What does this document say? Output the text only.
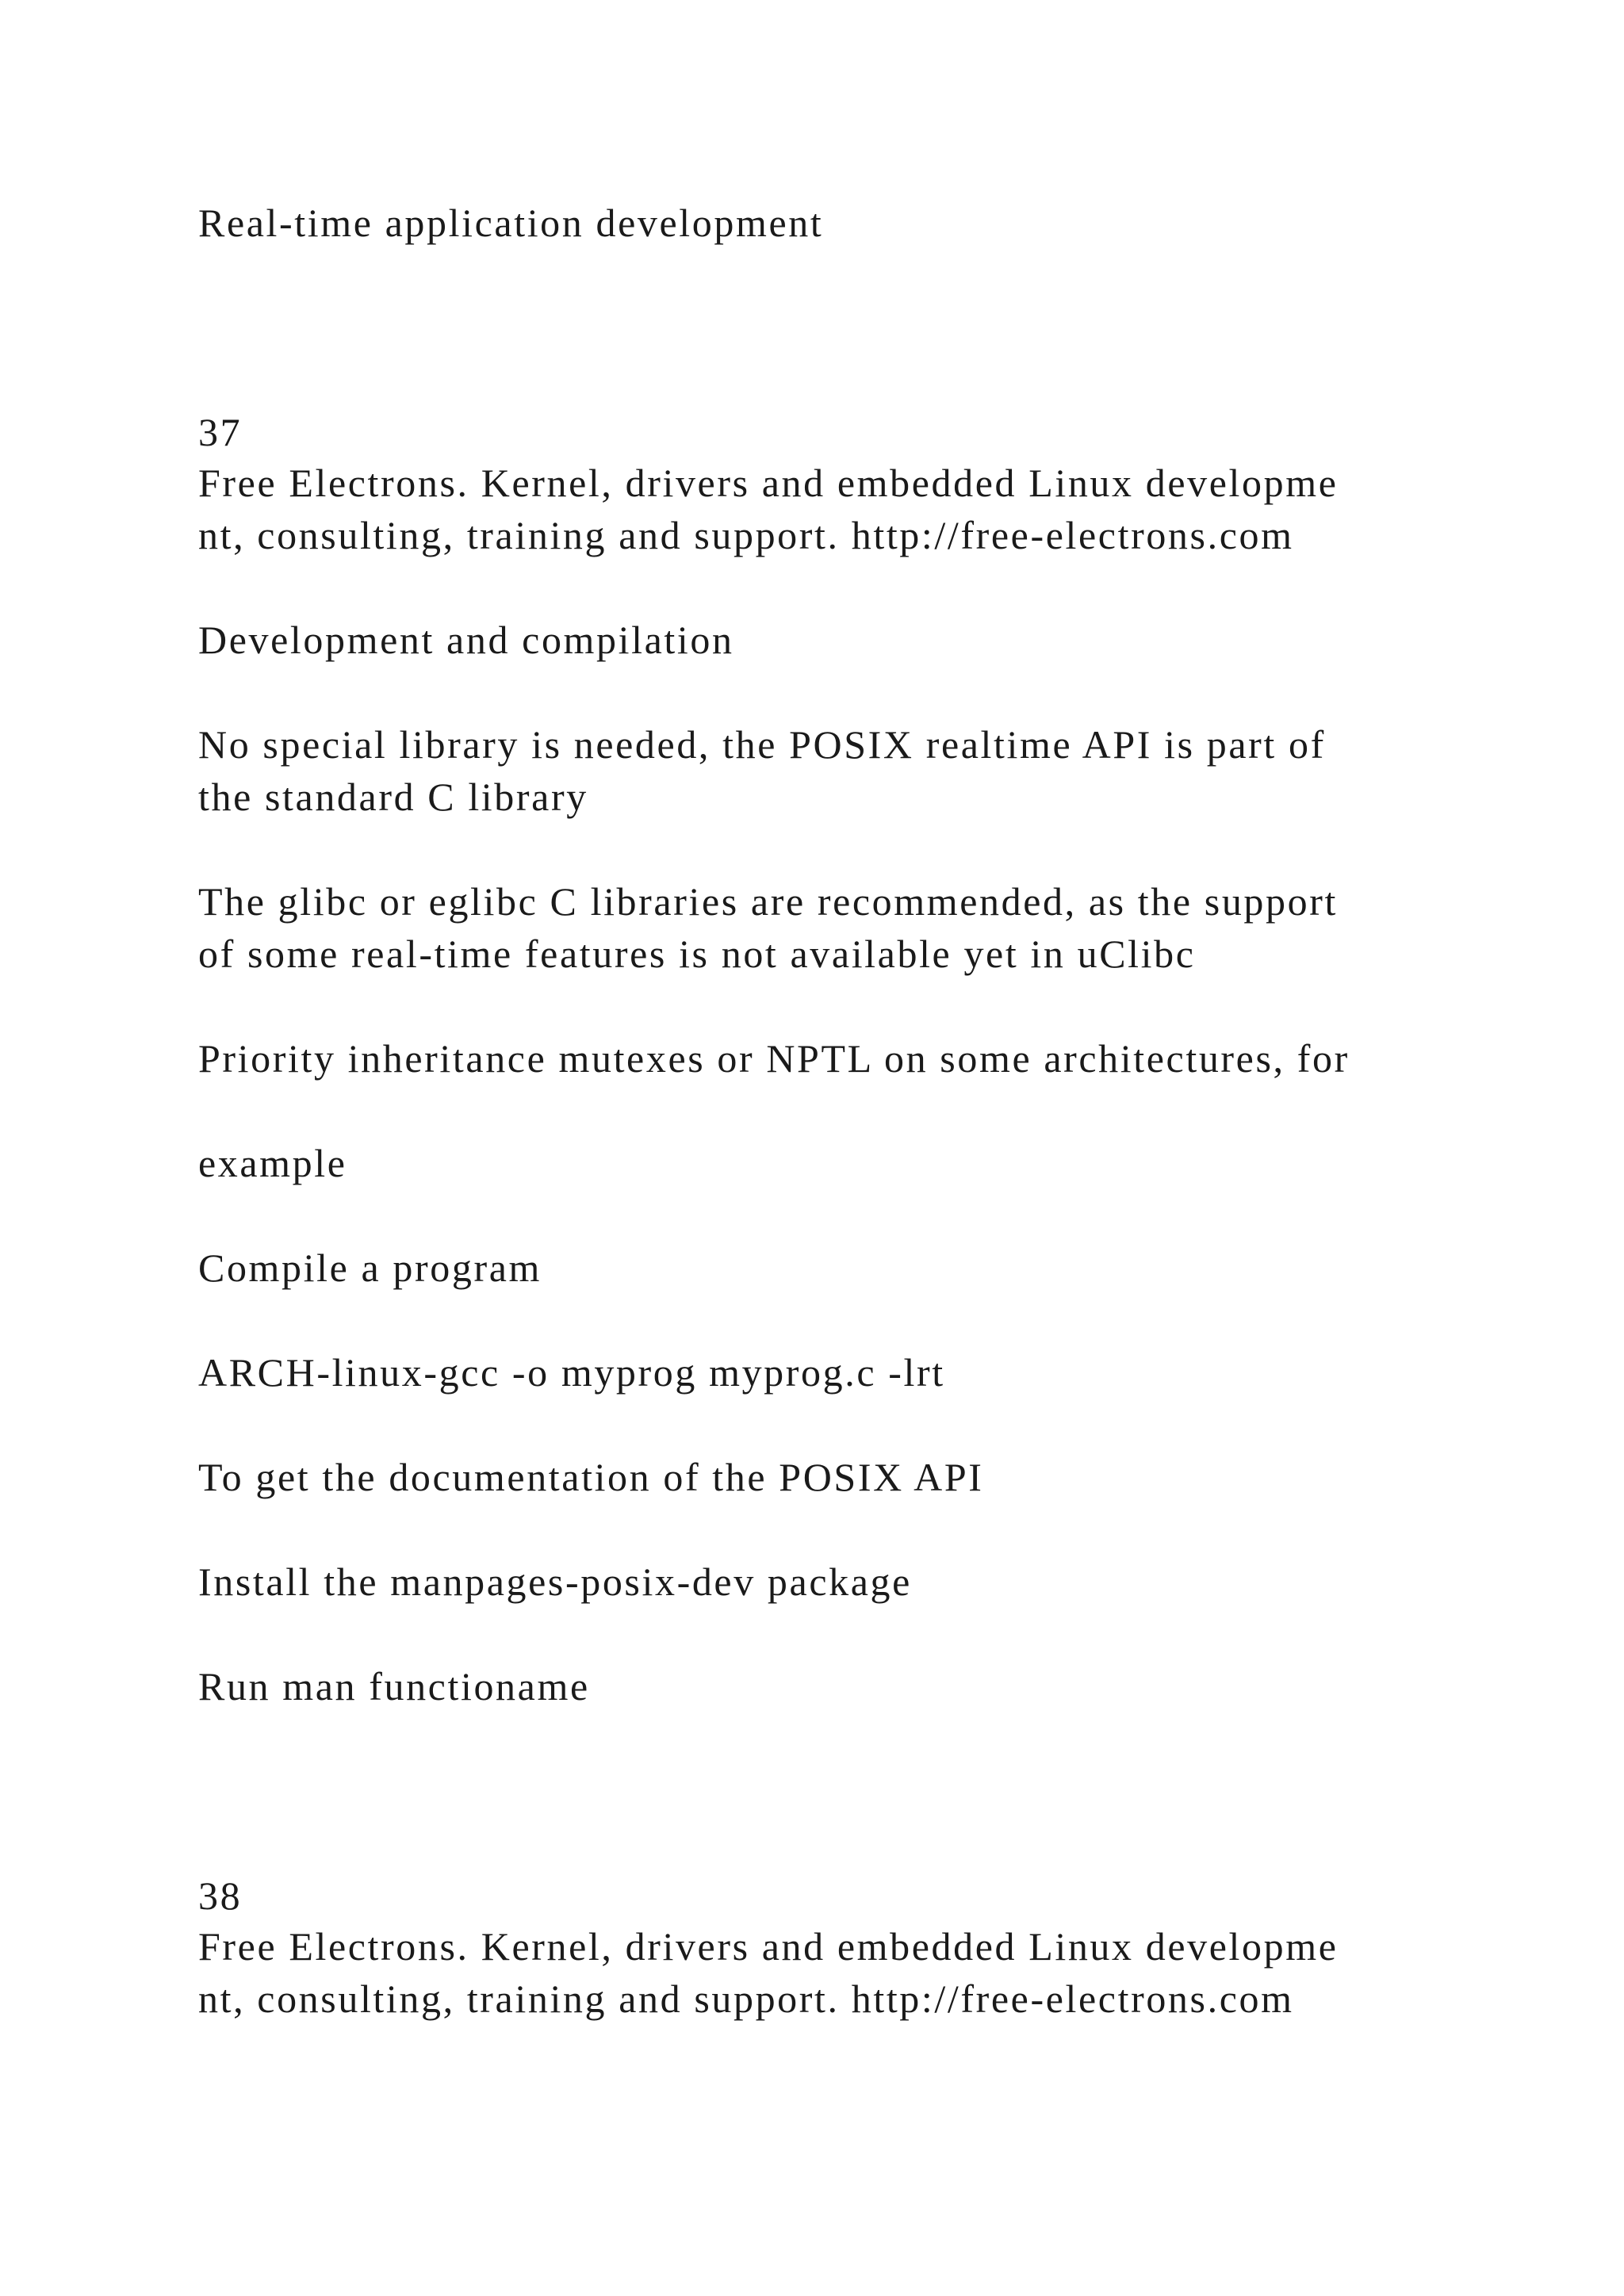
Real-time application development

37

Free Electrons. Kernel, drivers and embedded Linux developme

nt, consulting, training and support. http://free-electrons.com

Development and compilation

No special library is needed, the POSIX realtime API is part of

the standard C library

The glibc or eglibc C libraries are recommended, as the support

of some real-time features is not available yet in uClibc

Priority inheritance mutexes or NPTL on some architectures, for

example

Compile a program

ARCH-linux-gcc -o myprog myprog.c -lrt

To get the documentation of the POSIX API

Install the manpages-posix-dev package

Run man functioname

38

Free Electrons. Kernel, drivers and embedded Linux developme

nt, consulting, training and support. http://free-electrons.com
